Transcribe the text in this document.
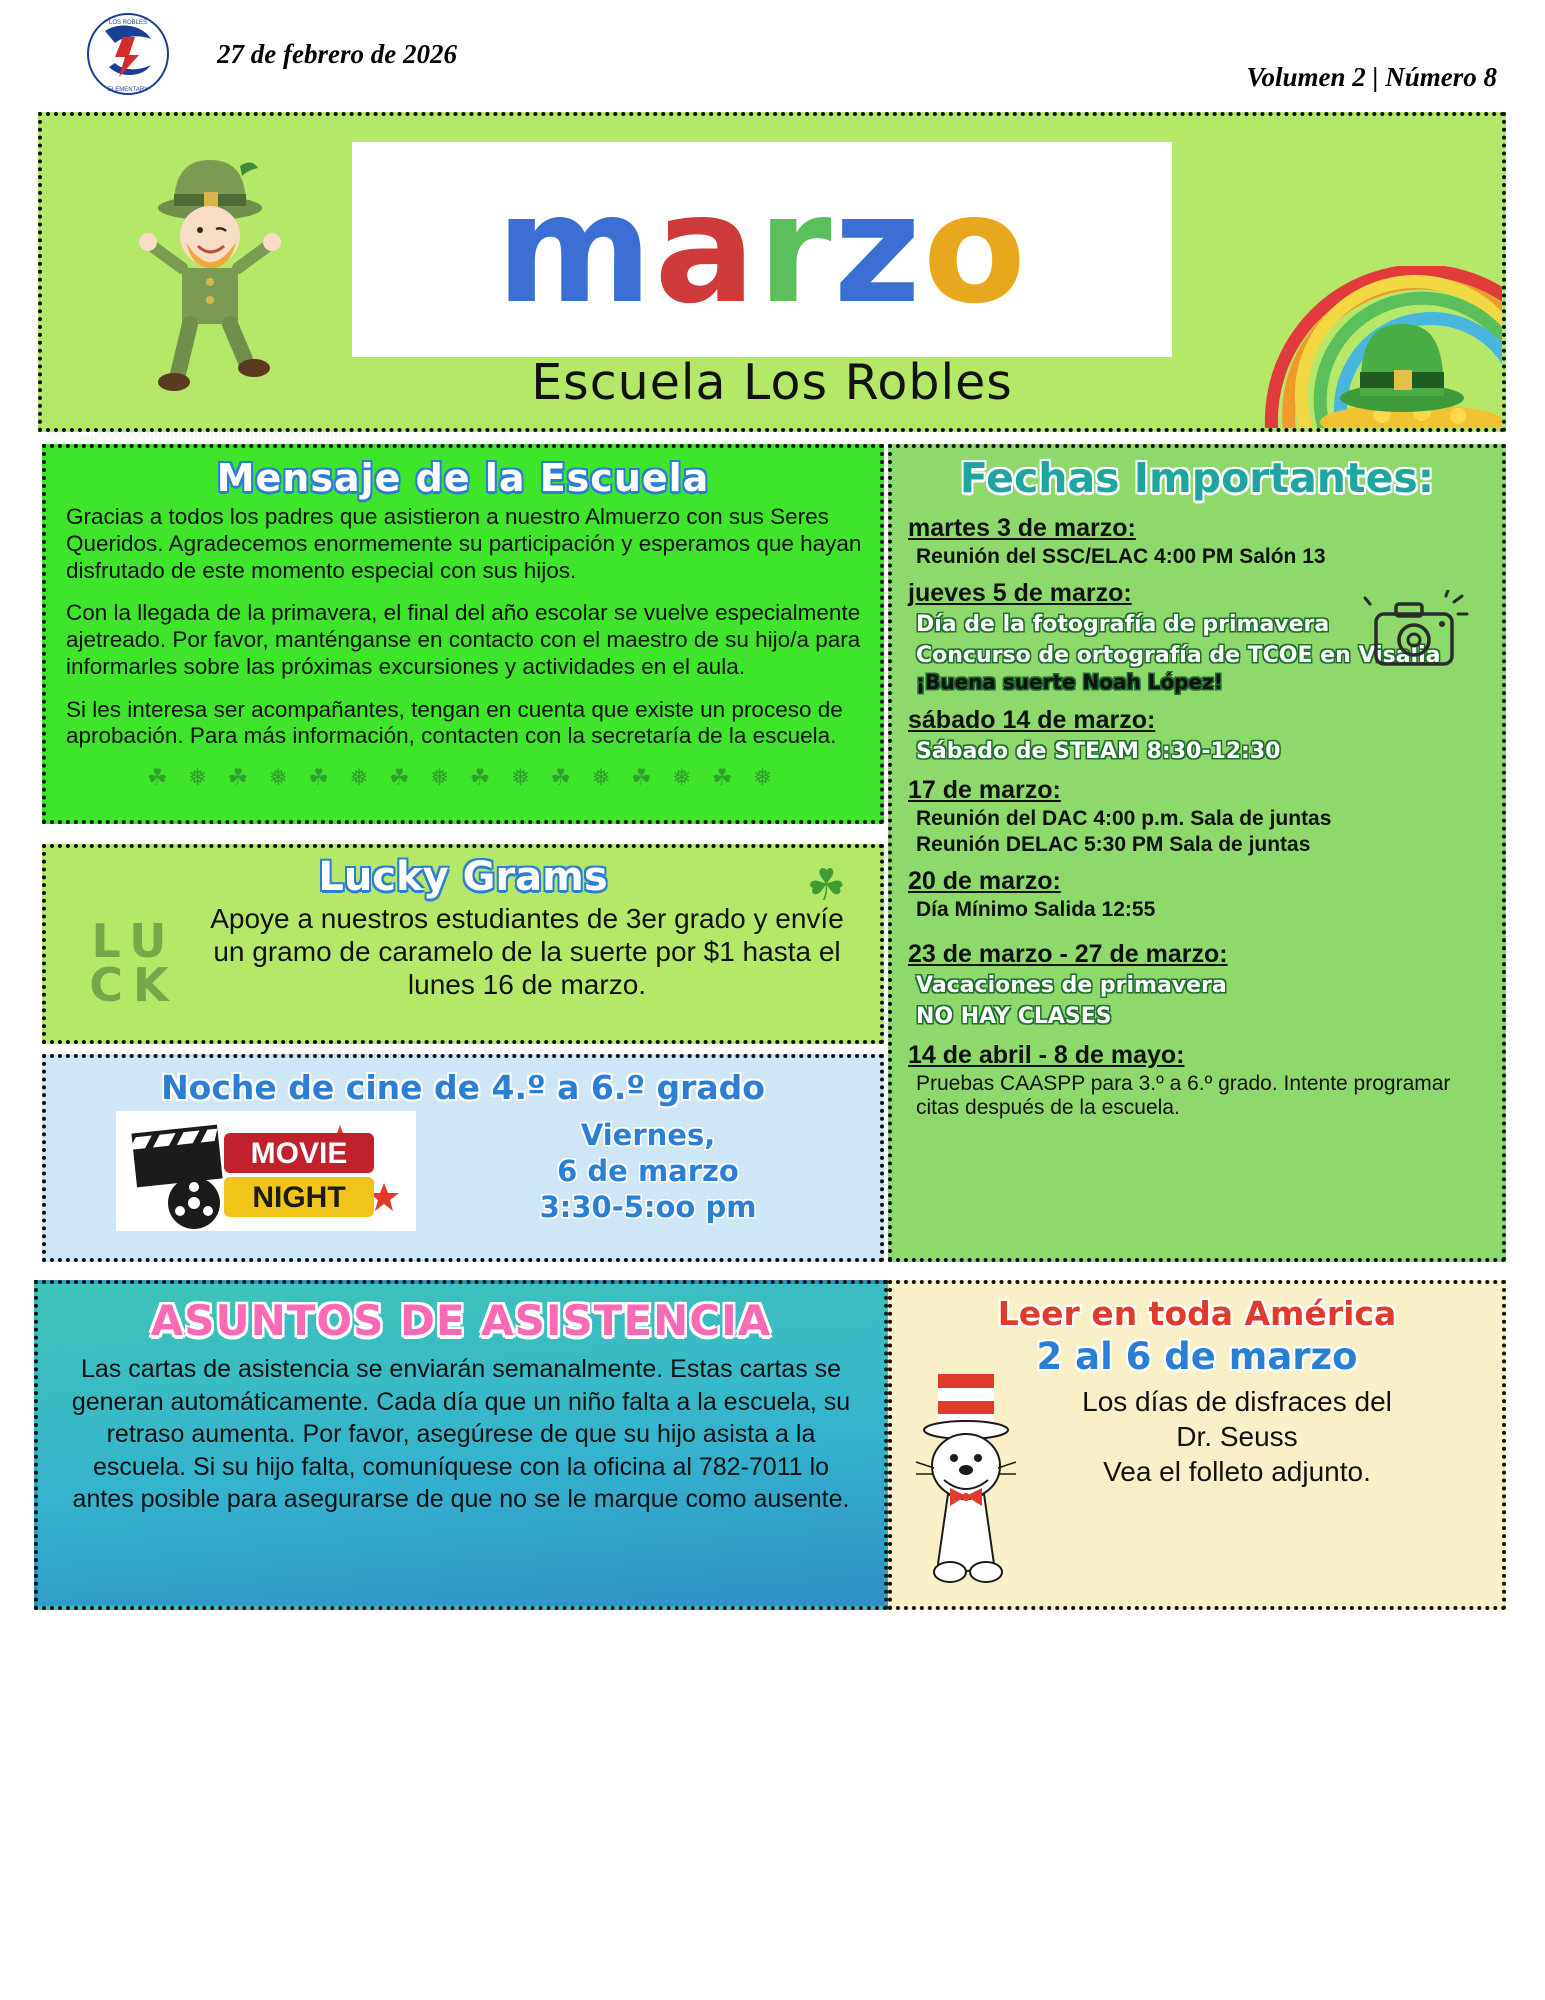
LOS ROBLES
ELEMENTARY
27 de febrero de 2026
Volumen 2 | Número 8
marzo
Escuela Los Robles
Mensaje de la Escuela

Gracias a todos los padres que asistieron a nuestro Almuerzo con sus Seres Queridos. Agradecemos enormemente su participación y esperamos que hayan disfrutado de este momento especial con sus hijos.

Con la llegada de la primavera, el final del año escolar se vuelve especialmente ajetreado. Por favor, manténganse en contacto con el maestro de su hijo/a para informarles sobre las próximas excursiones y actividades en el aula.

Si les interesa ser acompañantes, tengan en cuenta que existe un proceso de aprobación. Para más información, contacten con la secretaría de la escuela.

☘ ❅ ☘ ❅ ☘ ❅ ☘ ❅ ☘ ❅ ☘ ❅ ☘ ❅ ☘ ❅
☘
Lucky Grams
LU
CK
Apoye a nuestros estudiantes de 3er grado y envíe un gramo de caramelo de la suerte por $1 hasta el lunes 16 de marzo.
Noche de cine de 4.º a 6.º grado
MOVIE
NIGHT
Viernes,
6 de marzo
3:30-5:oo pm
ASUNTOS DE ASISTENCIA
Las cartas de asistencia se enviarán semanalmente. Estas cartas se generan automáticamente. Cada día que un niño falta a la escuela, su retraso aumenta. Por favor, asegúrese de que su hijo asista a la escuela. Si su hijo falta, comuníquese con la oficina al 782-7011 lo antes posible para asegurarse de que no se le marque como ausente.
Fechas Importantes:
martes 3 de marzo:
Reunión del SSC/ELAC 4:00 PM Salón 13
jueves 5 de marzo:
Día de la fotografía de primavera
Concurso de ortografía de TCOE en Visalia ¡Buena suerte Noah López!
sábado 14 de marzo:
Sábado de STEAM 8:30-12:30
17 de marzo:
Reunión del DAC 4:00 p.m. Sala de juntas
Reunión DELAC 5:30 PM Sala de juntas
20 de marzo:
Día Mínimo Salida 12:55
23 de marzo - 27 de marzo:
Vacaciones de primavera
NO HAY CLASES
14 de abril - 8 de mayo:
Pruebas CAASPP para 3.º a 6.º grado. Intente programar citas después de la escuela.
Leer en toda América
2 al 6 de marzo
Los días de disfraces del
Dr. Seuss
Vea el folleto adjunto.
